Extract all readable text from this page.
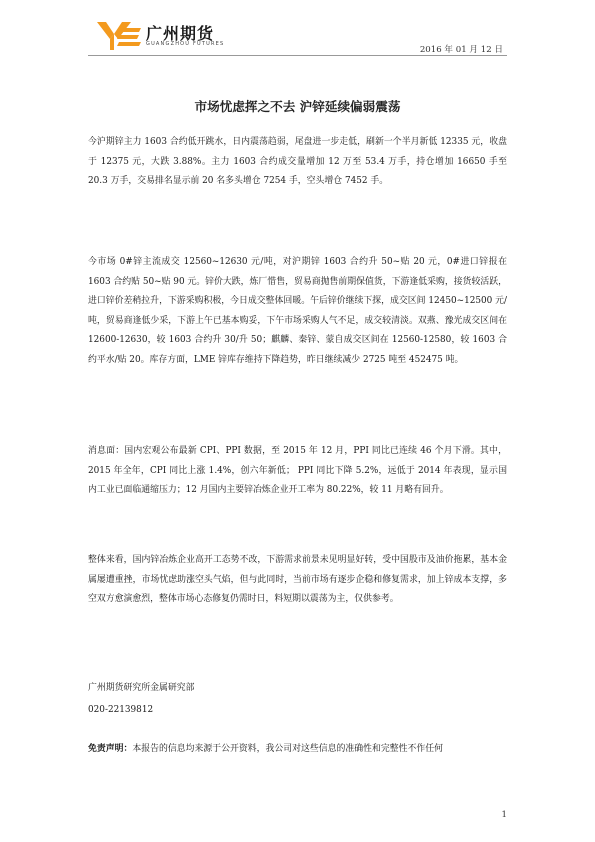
广州期货
GUANGZHOU FUTURES
2016 年 01 月 12 日
市场忧虑挥之不去 沪锌延续偏弱震荡

今沪期锌主力 1603 合约低开跳水，日内震荡趋弱，尾盘进一步走低，刷新一个半月新低 12335 元，收盘于 12375 元，大跌 3.88%。主力 1603 合约成交量增加 12 万至 53.4 万手，持仓增加 16650 手至 20.3 万手，交易排名显示前 20 名多头增仓 7254 手，空头增仓 7452 手。

今市场 0#锌主流成交 12560~12630 元/吨，对沪期锌 1603 合约升 50~贴 20 元，0#进口锌报在 1603 合约贴 50~贴 90 元。锌价大跌，炼厂惜售，贸易商抛售前期保值货，下游逢低采购，接货较活跃，进口锌价差稍拉升，下游采购积极，今日成交整体回暖。午后锌价继续下探，成交区间 12450~12500 元/吨，贸易商逢低少采，下游上午已基本购妥，下午市场采购人气不足，成交较清淡。双燕、豫光成交区间在 12600-12630，较 1603 合约升 30/升 50；麒麟、秦锌、蒙自成交区间在 12560-12580，较 1603 合约平水/贴 20。库存方面，LME 锌库存维持下降趋势，昨日继续减少 2725 吨至 452475 吨。

消息面：国内宏观公布最新 CPI、PPI 数据，至 2015 年 12 月，PPI 同比已连续 46 个月下滑。其中，2015 年全年，CPI 同比上涨 1.4%，创六年新低； PPI 同比下降 5.2%，远低于 2014 年表现，显示国内工业已面临通缩压力；12 月国内主要锌冶炼企业开工率为 80.22%，较 11 月略有回升。

整体来看，国内锌冶炼企业高开工态势不改，下游需求前景未见明显好转，受中国股市及油价拖累，基本金属屡遭重挫，市场忧虑助涨空头气焰，但与此同时，当前市场有逐步企稳和修复需求，加上锌成本支撑，多空双方愈演愈烈，整体市场心态修复仍需时日，料短期以震荡为主，仅供参考。

广州期货研究所金属研究部
020-22139812
免责声明：本报告的信息均来源于公开资料，我公司对这些信息的准确性和完整性不作任何
1
